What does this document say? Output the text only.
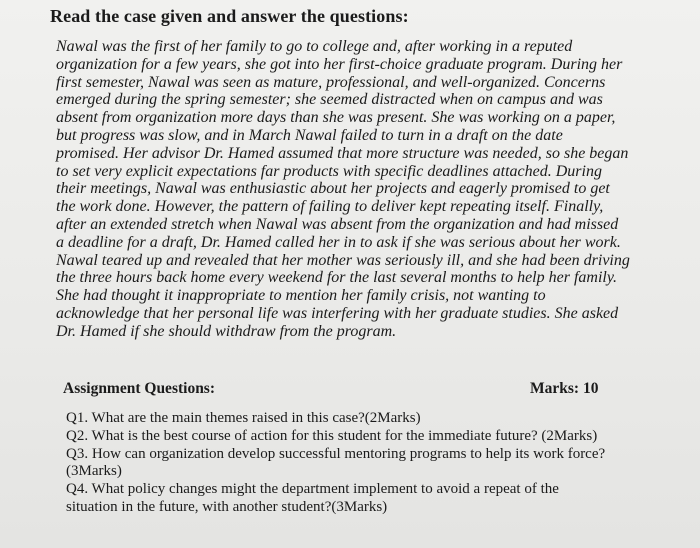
Read the case given and answer the questions:
Nawal was the first of her family to go to college and, after working in a reputed
organization for a few years, she got into her first-choice graduate program. During her
first semester, Nawal was seen as mature, professional, and well-organized. Concerns
emerged during the spring semester; she seemed distracted when on campus and was
absent from organization more days than she was present. She was working on a paper,
but progress was slow, and in March Nawal failed to turn in a draft on the date
promised. Her advisor Dr. Hamed assumed that more structure was needed, so she began
to set very explicit expectations far products with specific deadlines attached. During
their meetings, Nawal was enthusiastic about her projects and eagerly promised to get
the work done. However, the pattern of failing to deliver kept repeating itself. Finally,
after an extended stretch when Nawal was absent from the organization and had missed
a deadline for a draft, Dr. Hamed called her in to ask if she was serious about her work.
Nawal teared up and revealed that her mother was seriously ill, and she had been driving
the three hours back home every weekend for the last several months to help her family.
She had thought it inappropriate to mention her family crisis, not wanting to
acknowledge that her personal life was interfering with her graduate studies. She asked
Dr. Hamed if she should withdraw from the program.
Assignment Questions:	Marks: 10
Q1. What are the main themes raised in this case?(2Marks)
Q2. What is the best course of action for this student for the immediate future? (2Marks)
Q3. How can organization develop successful mentoring programs to help its work force?
(3Marks)
Q4. What policy changes might the department implement to avoid a repeat of the
situation in the future, with another student?(3Marks)
